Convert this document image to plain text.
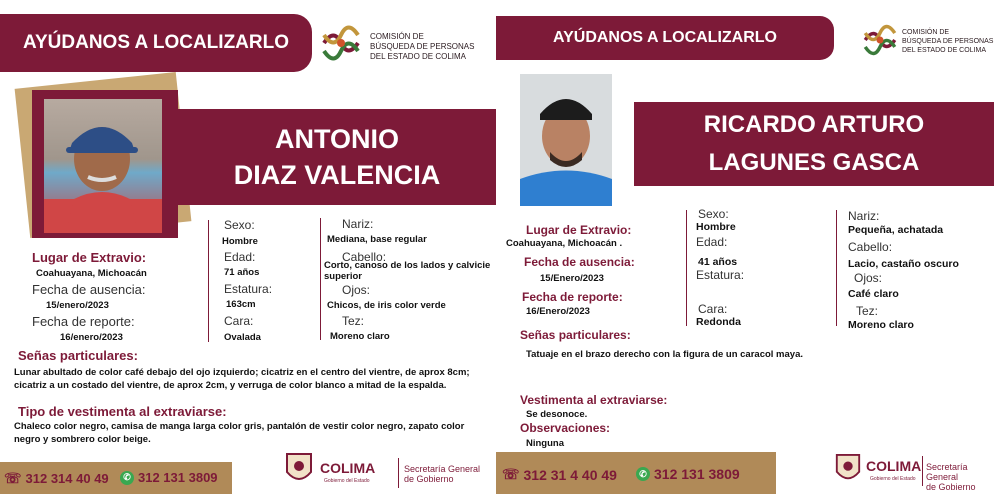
AYÚDANOS A LOCALIZARLO	COMISIÓN DE
BÚSQUEDA DE PERSONAS
DEL ESTADO DE COLIMA
ANTONIO
DIAZ VALENCIA
Lugar de Extravio:
Coahuayana, Michoacán
Fecha de ausencia:
15/enero/2023
Fecha de reporte:
16/enero/2023
Sexo:
Hombre
Edad:
71 años
Estatura:
163cm
Cara:
Ovalada
Nariz:
Mediana, base regular
Cabello:
Corto, canoso de los lados y calvicie superior
Ojos:
Chicos, de iris color verde
Tez:
Moreno claro
Señas particulares:
Lunar abultado de color café debajo del ojo izquierdo; cicatriz en el centro del vientre, de aprox 8cm; cicatriz a un costado del vientre, de aprox 2cm, y verruga de color blanco a mitad de la espalda.
Tipo de vestimenta al extraviarse:
Chaleco color negro, camisa de manga larga color gris, pantalón de vestir color negro, zapato color negro y sombrero color beige.
☏ 312 314 40 49	✆ 312 131 3809
COLIMA
Gobierno del Estado
Secretaría General
de Gobierno
AYÚDANOS A LOCALIZARLO	COMISIÓN DE
BÚSQUEDA DE PERSONAS
DEL ESTADO DE COLIMA
RICARDO ARTURO
LAGUNES GASCA
Lugar de Extravio:
Coahuayana, Michoacán .
Fecha de ausencia:
15/Enero/2023
Fecha de reporte:
16/Enero/2023
Sexo:
Hombre
Edad:
41 años
Estatura:
Cara:
Redonda
Nariz:
Pequeña, achatada
Cabello:
Lacio, castaño oscuro
Ojos:
Café claro
Tez:
Moreno claro
Señas particulares:
Tatuaje en el brazo derecho con la figura de un caracol maya.
Vestimenta al extraviarse:
Se desonoce.
Observaciones:
Ninguna
☏ 312 31 4 40 49	✆ 312 131 3809	COLIMA
Gobierno del Estado
Secretaría General
de Gobierno
